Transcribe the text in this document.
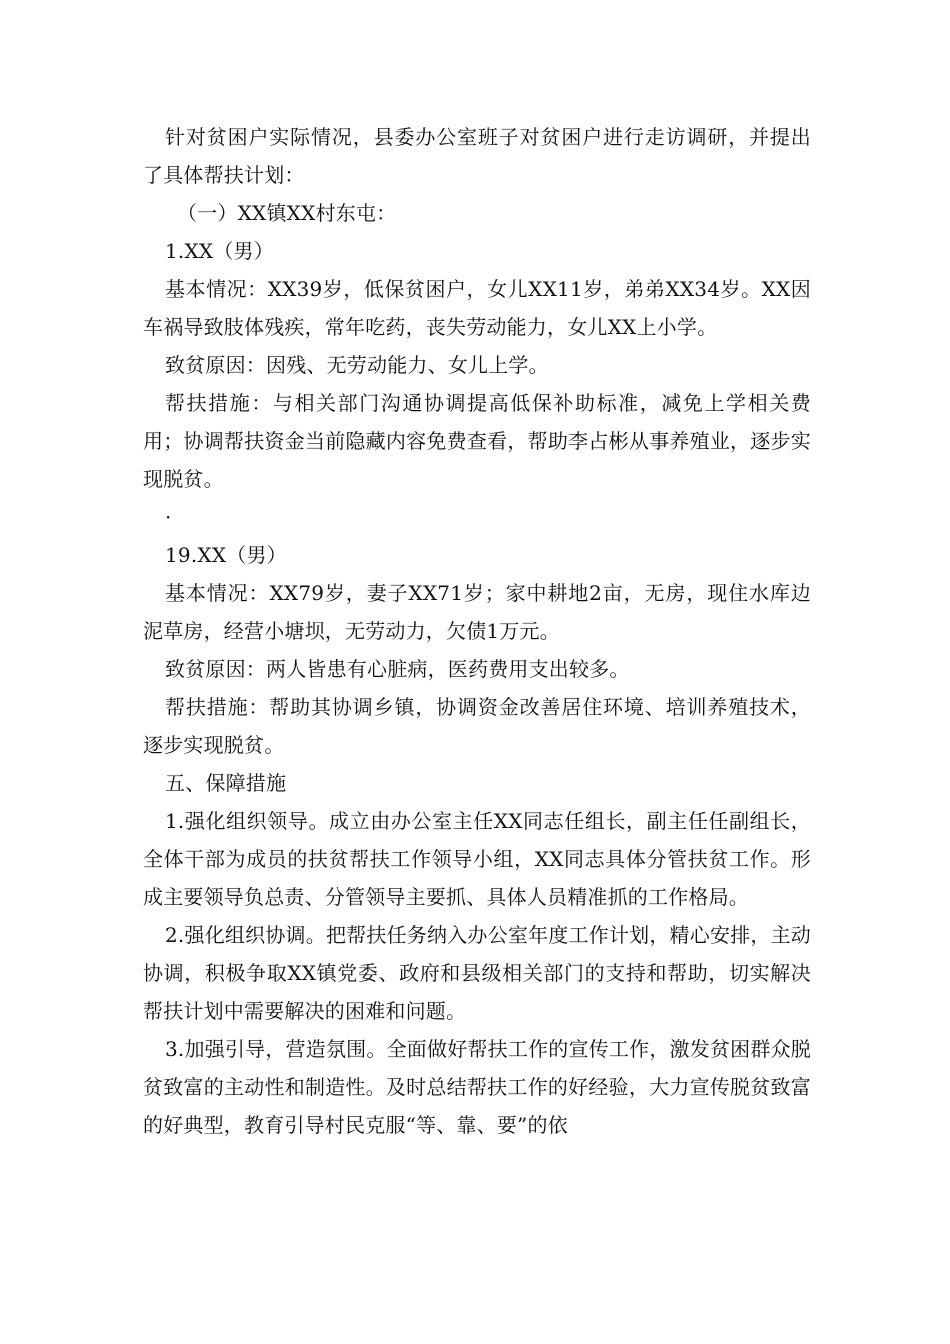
针对贫困户实际情况，县委办公室班子对贫困户进行走访调研，并提出了具体帮扶计划：

（一）XX镇XX村东屯：

1.XX（男）

基本情况：XX39岁，低保贫困户，女儿XX11岁，弟弟XX34岁。XX因车祸导致肢体残疾，常年吃药，丧失劳动能力，女儿XX上小学。

致贫原因：因残、无劳动能力、女儿上学。

帮扶措施：与相关部门沟通协调提高低保补助标准，减免上学相关费用；协调帮扶资金当前隐藏内容免费查看，帮助李占彬从事养殖业，逐步实现脱贫。

·

19.XX（男）

基本情况：XX79岁，妻子XX71岁；家中耕地2亩，无房，现住水库边泥草房，经营小塘坝，无劳动力，欠债1万元。

致贫原因：两人皆患有心脏病，医药费用支出较多。

帮扶措施：帮助其协调乡镇，协调资金改善居住环境、培训养殖技术，逐步实现脱贫。

五、保障措施

1.强化组织领导。成立由办公室主任XX同志任组长，副主任任副组长，全体干部为成员的扶贫帮扶工作领导小组，XX同志具体分管扶贫工作。形成主要领导负总责、分管领导主要抓、具体人员精准抓的工作格局。

2.强化组织协调。把帮扶任务纳入办公室年度工作计划，精心安排，主动协调，积极争取XX镇党委、政府和县级相关部门的支持和帮助，切实解决帮扶计划中需要解决的困难和问题。

3.加强引导，营造氛围。全面做好帮扶工作的宣传工作，激发贫困群众脱贫致富的主动性和制造性。及时总结帮扶工作的好经验，大力宣传脱贫致富的好典型，教育引导村民克服“等、靠、要”的依
